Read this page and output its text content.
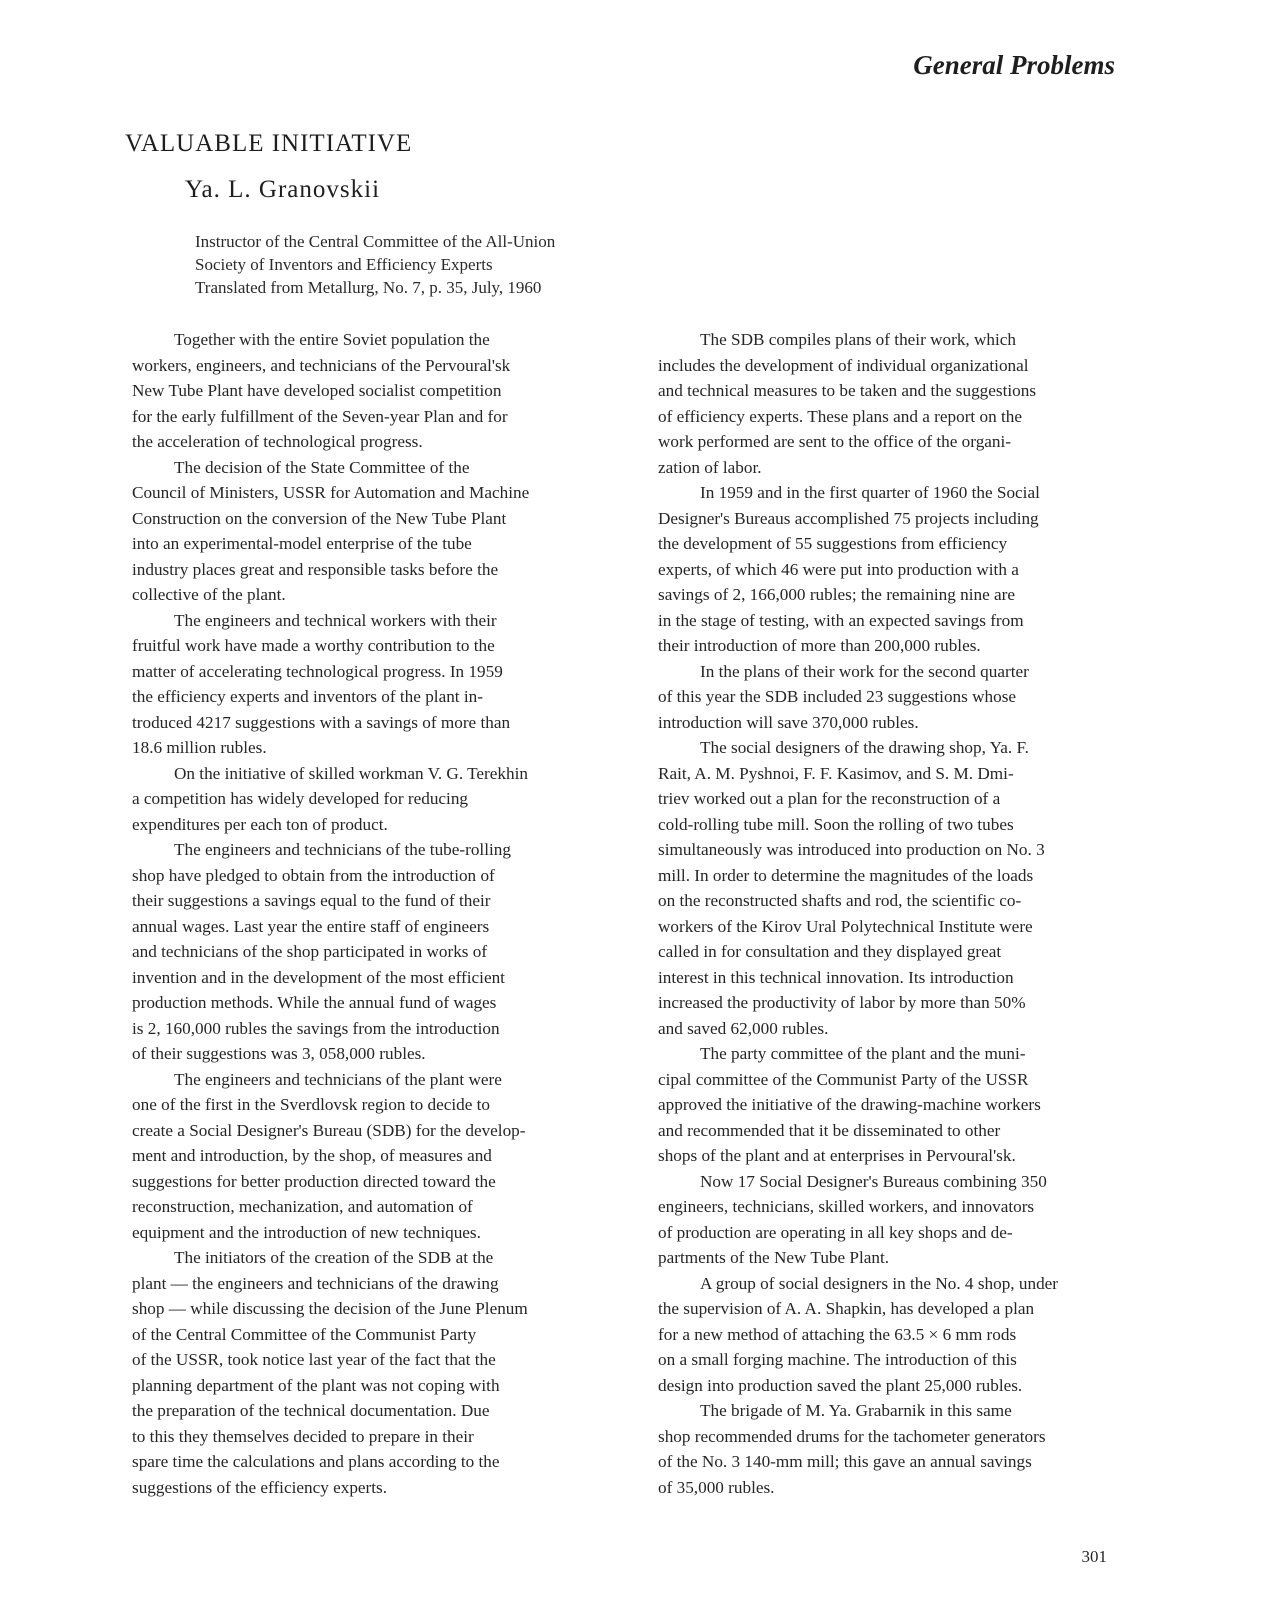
General Problems
VALUABLE INITIATIVE
Ya. L. Granovskii
Instructor of the Central Committee of the All-Union
Society of Inventors and Efficiency Experts
Translated from Metallurg, No. 7, p. 35, July, 1960
Together with the entire Soviet population the
workers, engineers, and technicians of the Pervoural'sk
New Tube Plant have developed socialist competition
for the early fulfillment of the Seven-year Plan and for
the acceleration of technological progress.
The decision of the State Committee of the
Council of Ministers, USSR for Automation and Machine
Construction on the conversion of the New Tube Plant
into an experimental-model enterprise of the tube
industry places great and responsible tasks before the
collective of the plant.
The engineers and technical workers with their
fruitful work have made a worthy contribution to the
matter of accelerating technological progress. In 1959
the efficiency experts and inventors of the plant in-
troduced 4217 suggestions with a savings of more than
18.6 million rubles.
On the initiative of skilled workman V. G. Terekhin
a competition has widely developed for reducing
expenditures per each ton of product.
The engineers and technicians of the tube-rolling
shop have pledged to obtain from the introduction of
their suggestions a savings equal to the fund of their
annual wages. Last year the entire staff of engineers
and technicians of the shop participated in works of
invention and in the development of the most efficient
production methods. While the annual fund of wages
is 2, 160,000 rubles the savings from the introduction
of their suggestions was 3, 058,000 rubles.
The engineers and technicians of the plant were
one of the first in the Sverdlovsk region to decide to
create a Social Designer's Bureau (SDB) for the develop-
ment and introduction, by the shop, of measures and
suggestions for better production directed toward the
reconstruction, mechanization, and automation of
equipment and the introduction of new techniques.
The initiators of the creation of the SDB at the
plant — the engineers and technicians of the drawing
shop — while discussing the decision of the June Plenum
of the Central Committee of the Communist Party
of the USSR, took notice last year of the fact that the
planning department of the plant was not coping with
the preparation of the technical documentation. Due
to this they themselves decided to prepare in their
spare time the calculations and plans according to the
suggestions of the efficiency experts.
The SDB compiles plans of their work, which
includes the development of individual organizational
and technical measures to be taken and the suggestions
of efficiency experts. These plans and a report on the
work performed are sent to the office of the organi-
zation of labor.
In 1959 and in the first quarter of 1960 the Social
Designer's Bureaus accomplished 75 projects including
the development of 55 suggestions from efficiency
experts, of which 46 were put into production with a
savings of 2, 166,000 rubles; the remaining nine are
in the stage of testing, with an expected savings from
their introduction of more than 200,000 rubles.
In the plans of their work for the second quarter
of this year the SDB included 23 suggestions whose
introduction will save 370,000 rubles.
The social designers of the drawing shop, Ya. F.
Rait, A. M. Pyshnoi, F. F. Kasimov, and S. M. Dmi-
triev worked out a plan for the reconstruction of a
cold-rolling tube mill. Soon the rolling of two tubes
simultaneously was introduced into production on No. 3
mill. In order to determine the magnitudes of the loads
on the reconstructed shafts and rod, the scientific co-
workers of the Kirov Ural Polytechnical Institute were
called in for consultation and they displayed great
interest in this technical innovation. Its introduction
increased the productivity of labor by more than 50%
and saved 62,000 rubles.
The party committee of the plant and the muni-
cipal committee of the Communist Party of the USSR
approved the initiative of the drawing-machine workers
and recommended that it be disseminated to other
shops of the plant and at enterprises in Pervoural'sk.
Now 17 Social Designer's Bureaus combining 350
engineers, technicians, skilled workers, and innovators
of production are operating in all key shops and de-
partments of the New Tube Plant.
A group of social designers in the No. 4 shop, under
the supervision of A. A. Shapkin, has developed a plan
for a new method of attaching the 63.5 × 6 mm rods
on a small forging machine. The introduction of this
design into production saved the plant 25,000 rubles.
The brigade of M. Ya. Grabarnik in this same
shop recommended drums for the tachometer generators
of the No. 3 140-mm mill; this gave an annual savings
of 35,000 rubles.
301
